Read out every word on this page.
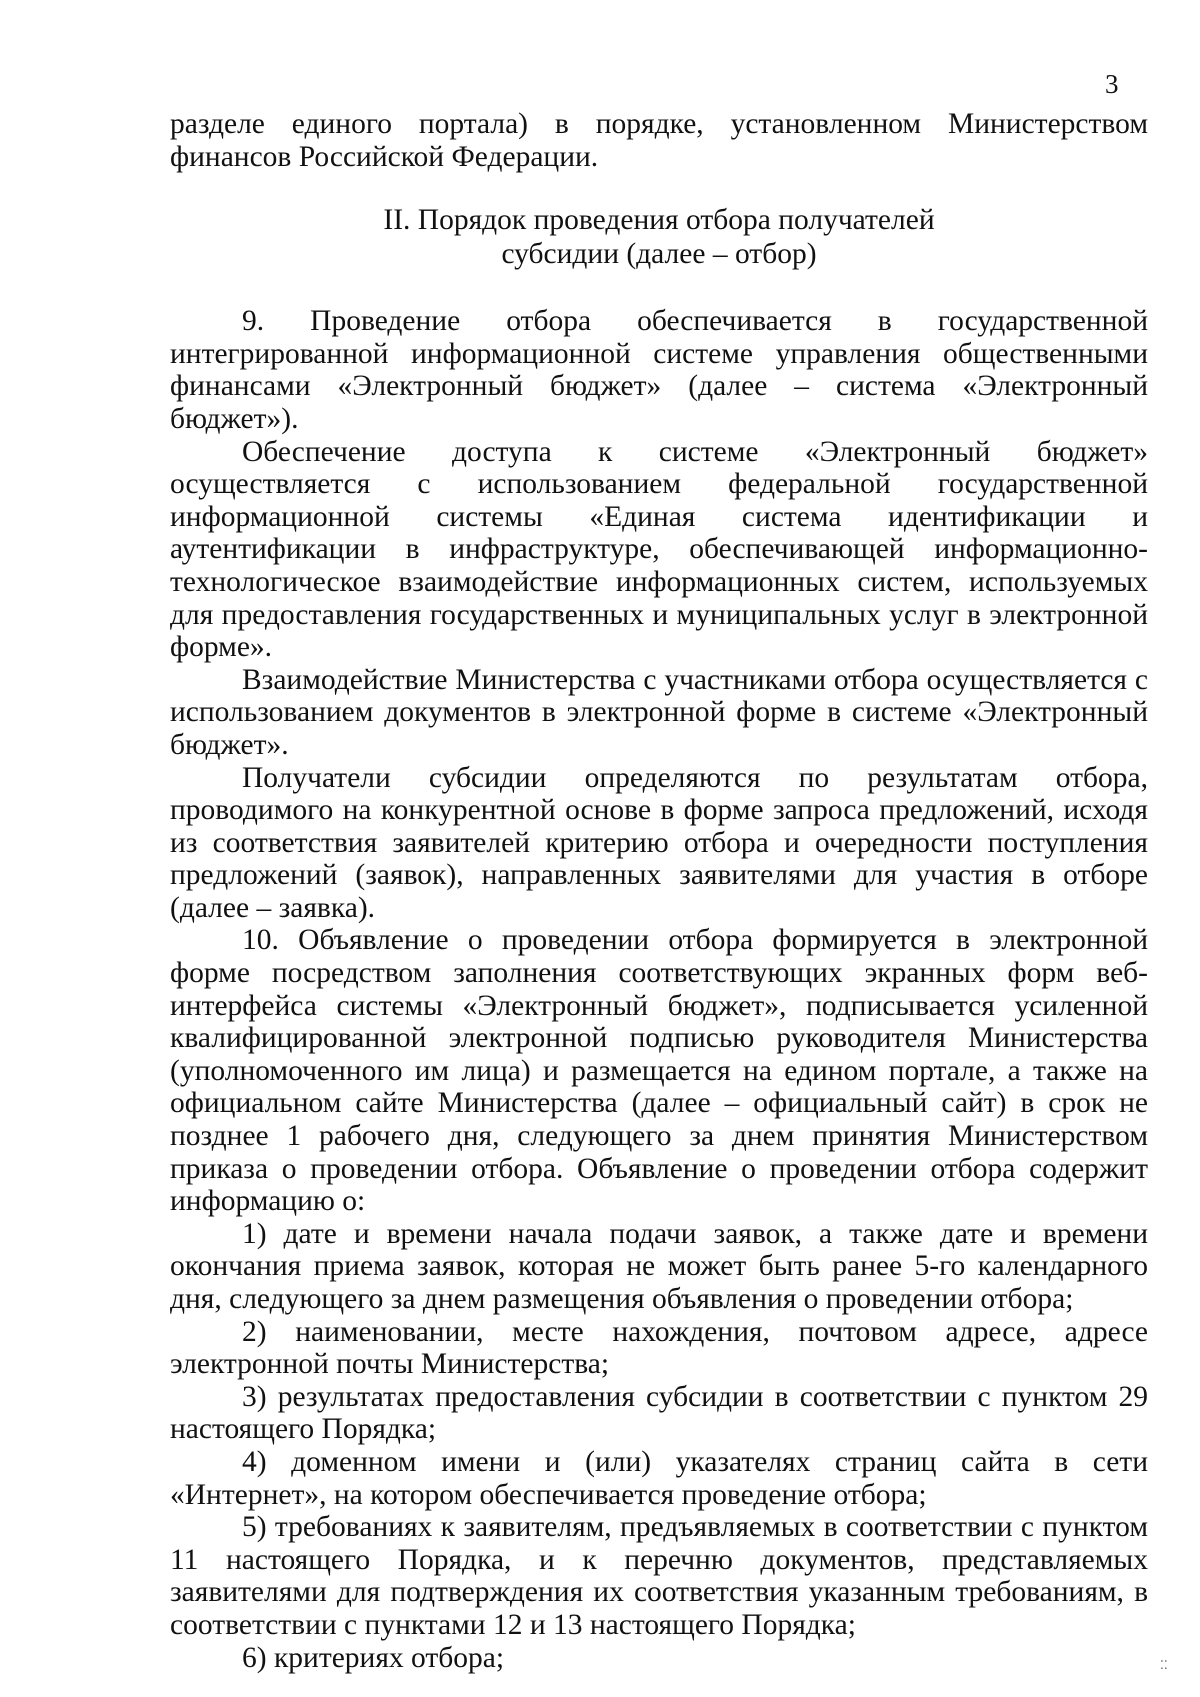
3

разделе единого портала) в порядке, установленном Министерством финансов Российской Федерации.

II. Порядок проведения отбора получателей
субсидии (далее – отбор)

9. Проведение отбора обеспечивается в государственной интегрированной информационной системе управления общественными финансами «Электронный бюджет» (далее – система «Электронный бюджет»).

Обеспечение доступа к системе «Электронный бюджет» осуществляется с использованием федеральной государственной информационной системы «Единая система идентификации и аутентификации в инфраструктуре, обеспечивающей информационно-технологическое взаимодействие информационных систем, используемых для предоставления государственных и муниципальных услуг в электронной форме».

Взаимодействие Министерства с участниками отбора осуществляется с использованием документов в электронной форме в системе «Электронный бюджет».

Получатели субсидии определяются по результатам отбора, проводимого на конкурентной основе в форме запроса предложений, исходя из соответствия заявителей критерию отбора и очередности поступления предложений (заявок), направленных заявителями для участия в отборе (далее – заявка).

10. Объявление о проведении отбора формируется в электронной форме посредством заполнения соответствующих экранных форм веб-интерфейса системы «Электронный бюджет», подписывается усиленной квалифицированной электронной подписью руководителя Министерства (уполномоченного им лица) и размещается на едином портале, а также на официальном сайте Министерства (далее – официальный сайт) в срок не позднее 1 рабочего дня, следующего за днем принятия Министерством приказа о проведении отбора. Объявление о проведении отбора содержит информацию о:

1) дате и времени начала подачи заявок, а также дате и времени окончания приема заявок, которая не может быть ранее 5-го календарного дня, следующего за днем размещения объявления о проведении отбора;

2) наименовании, месте нахождения, почтовом адресе, адресе электронной почты Министерства;

3) результатах предоставления субсидии в соответствии с пунктом 29 настоящего Порядка;

4) доменном имени и (или) указателях страниц сайта в сети «Интернет», на котором обеспечивается проведение отбора;

5) требованиях к заявителям, предъявляемых в соответствии с пунктом 11 настоящего Порядка, и к перечню документов, представляемых заявителями для подтверждения их соответствия указанным требованиям, в соответствии с пунктами 12 и 13 настоящего Порядка;

6) критериях отбора;	⁚⁚
